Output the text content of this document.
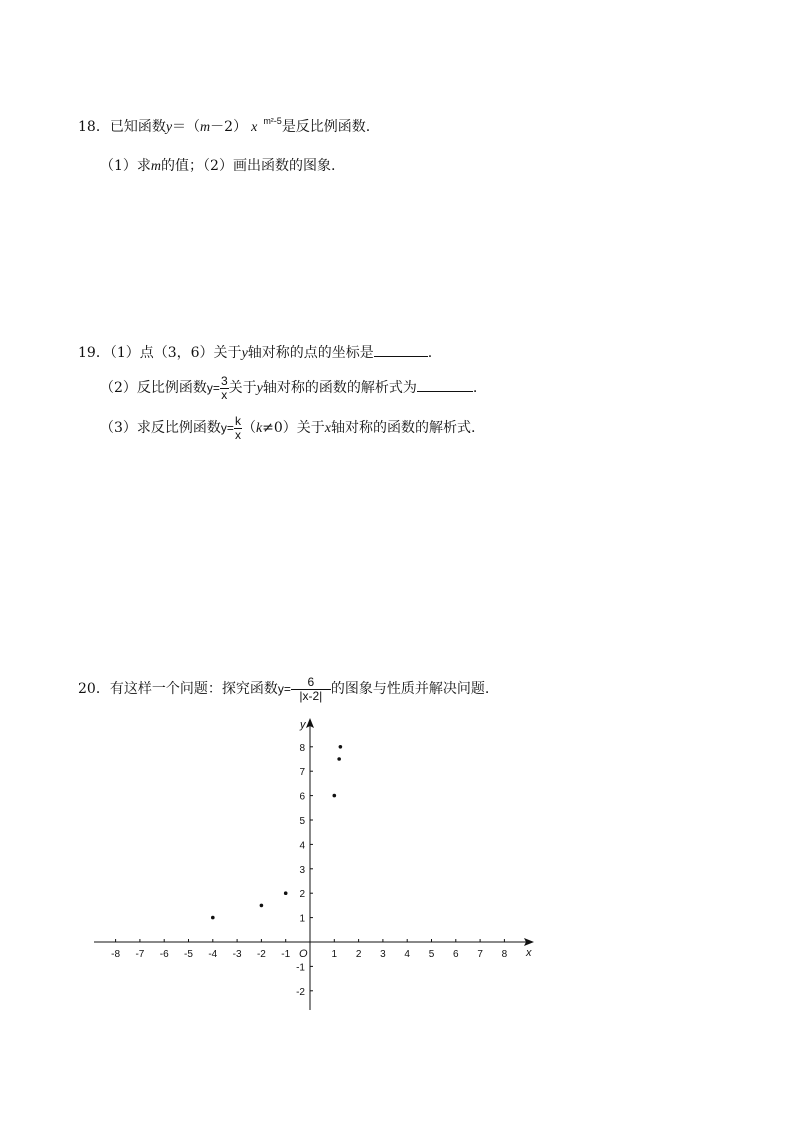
18．已知函数y＝（m－2） x $^{m^2-5}$是反比例函数.
（1）求m的值；（2）画出函数的图象.
19．（1）点（3，6）关于y轴对称的点的坐标是	.
（2）反比例函数$y= \frac{3}{x}$ 关于y轴对称的函数的解析式为	.
（3）求反比例函数$y= \frac{k}{x} (k\ne 0)$关于x轴对称的函数的解析式.
20．有这样一个问题：探究函数$y= \frac{6}{|x-2|}$ 的图象与性质并解决问题.
x
y
O
-8 -7 -6 -5 -4 -3 -2 -1	1 2 3 4 5 6 7 8
8
7
6
5
4
3
2
1
-1
-2
